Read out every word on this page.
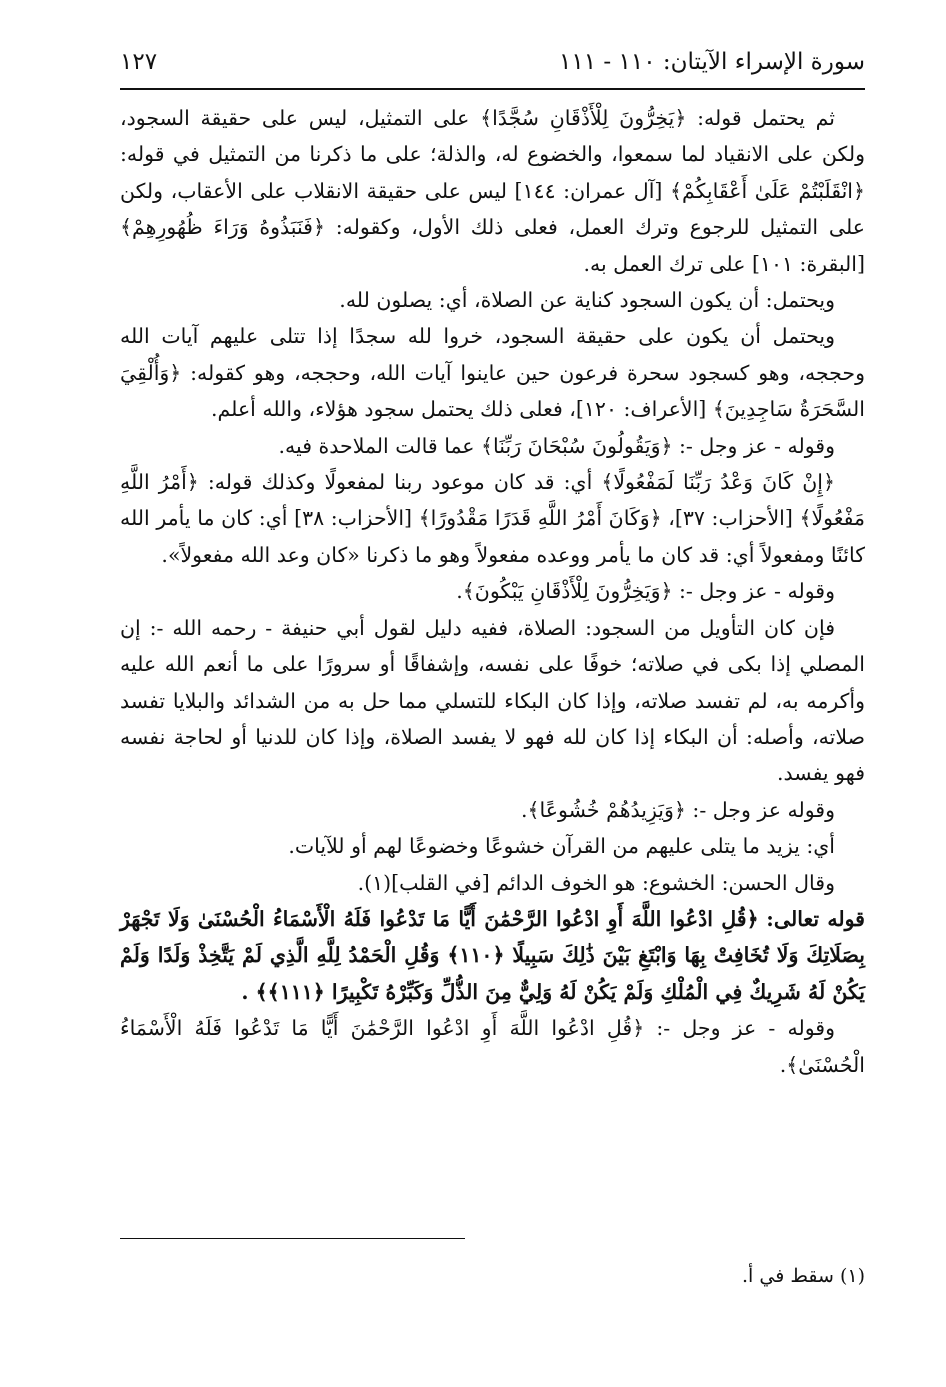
سورة الإسراء الآيتان: ١١٠ - ١١١
١٢٧

ثم يحتمل قوله: ﴿يَخِرُّونَ لِلْأَذْقَانِ سُجَّدًا﴾ على التمثيل، ليس على حقيقة السجود، ولكن على الانقياد لما سمعوا، والخضوع له، والذلة؛ على ما ذكرنا من التمثيل في قوله: ﴿انْقَلَبْتُمْ عَلَىٰ أَعْقَابِكُمْ﴾ [آل عمران: ١٤٤] ليس على حقيقة الانقلاب على الأعقاب، ولكن على التمثيل للرجوع وترك العمل، فعلى ذلك الأول، وكقوله: ﴿فَنَبَذُوهُ وَرَاءَ ظُهُورِهِمْ﴾ [البقرة: ١٠١] على ترك العمل به.

ويحتمل: أن يكون السجود كناية عن الصلاة، أي: يصلون لله.

ويحتمل أن يكون على حقيقة السجود، خروا لله سجدًا إذا تتلى عليهم آيات الله وحججه، وهو كسجود سحرة فرعون حين عاينوا آيات الله، وحججه، وهو كقوله: ﴿وَأُلْقِيَ السَّحَرَةُ سَاجِدِينَ﴾ [الأعراف: ١٢٠]، فعلى ذلك يحتمل سجود هؤلاء، والله أعلم.

وقوله - عز وجل -: ﴿وَيَقُولُونَ سُبْحَانَ رَبِّنَا﴾ عما قالت الملاحدة فيه.

﴿إِنْ كَانَ وَعْدُ رَبِّنَا لَمَفْعُولًا﴾ أي: قد كان موعود ربنا لمفعولًا وكذلك قوله: ﴿أَمْرُ اللَّهِ مَفْعُولًا﴾ [الأحزاب: ٣٧]، ﴿وَكَانَ أَمْرُ اللَّهِ قَدَرًا مَقْدُورًا﴾ [الأحزاب: ٣٨] أي: كان ما يأمر الله كائنًا ومفعولاً أي: قد كان ما يأمر ووعده مفعولاً وهو ما ذكرنا «كان وعد الله مفعولاً».

وقوله - عز وجل -: ﴿وَيَخِرُّونَ لِلْأَذْقَانِ يَبْكُونَ﴾.

فإن كان التأويل من السجود: الصلاة، ففيه دليل لقول أبي حنيفة - رحمه الله -: إن المصلي إذا بكى في صلاته؛ خوفًا على نفسه، وإشفاقًا أو سرورًا على ما أنعم الله عليه وأكرمه به، لم تفسد صلاته، وإذا كان البكاء للتسلي مما حل به من الشدائد والبلايا تفسد صلاته، وأصله: أن البكاء إذا كان لله فهو لا يفسد الصلاة، وإذا كان للدنيا أو لحاجة نفسه فهو يفسد.

وقوله عز وجل -: ﴿وَيَزِيدُهُمْ خُشُوعًا﴾.

أي: يزيد ما يتلى عليهم من القرآن خشوعًا وخضوعًا لهم أو للآيات.

وقال الحسن: الخشوع: هو الخوف الدائم [في القلب](١).

قوله تعالى: ﴿قُلِ ادْعُوا اللَّهَ أَوِ ادْعُوا الرَّحْمَٰنَ أَيًّا مَا تَدْعُوا فَلَهُ الْأَسْمَاءُ الْحُسْنَىٰ وَلَا تَجْهَرْ بِصَلَاتِكَ وَلَا تُخَافِتْ بِهَا وَابْتَغِ بَيْنَ ذَٰلِكَ سَبِيلًا ﴿١١٠﴾ وَقُلِ الْحَمْدُ لِلَّهِ الَّذِي لَمْ يَتَّخِذْ وَلَدًا وَلَمْ يَكُنْ لَهُ شَرِيكٌ فِي الْمُلْكِ وَلَمْ يَكُنْ لَهُ وَلِيٌّ مِنَ الذُّلِّ وَكَبِّرْهُ تَكْبِيرًا ﴿١١١﴾﴾ .

وقوله - عز وجل -: ﴿قُلِ ادْعُوا اللَّهَ أَوِ ادْعُوا الرَّحْمَٰنَ أَيًّا مَا تَدْعُوا فَلَهُ الْأَسْمَاءُ الْحُسْنَىٰ﴾.

(١) سقط في أ.
